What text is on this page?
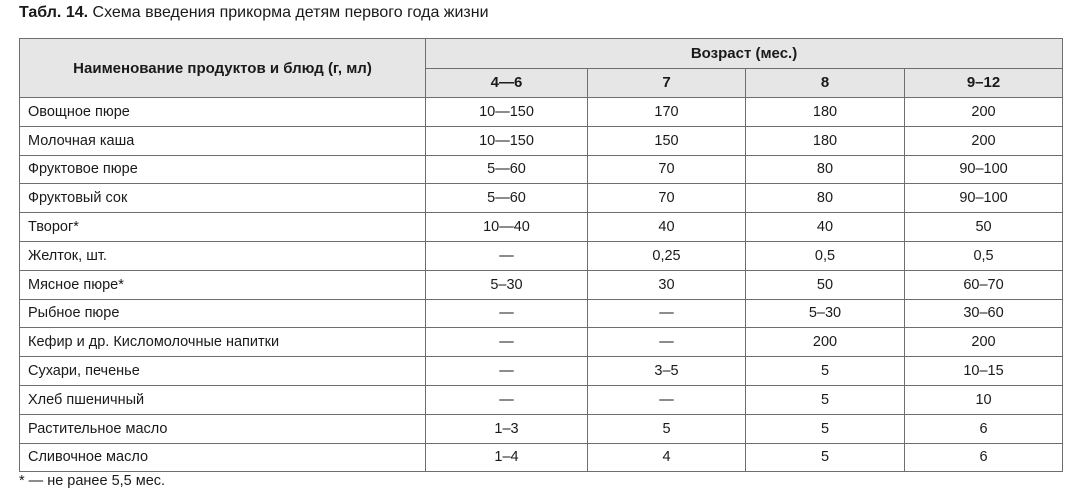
Табл. 14. Схема введения прикорма детям первого года жизни
Наименование продуктов и блюд (г, мл)	Возраст (мес.)			
	4—6	7	8	9–12
Овощное пюре	10—150	170	180	200
Молочная каша	10—150	150	180	200
Фруктовое пюре	5—60	70	80	90–100
Фруктовый сок	5—60	70	80	90–100
Творог*	10—40	40	40	50
Желток, шт.	—	0,25	0,5	0,5
Мясное пюре*	5–30	30	50	60–70
Рыбное пюре	—	—	5–30	30–60
Кефир и др. Кисломолочные напитки	—	—	200	200
Сухари, печенье	—	3–5	5	10–15
Хлеб пшеничный	—	—	5	10
Растительное масло	1–3	5	5	6
Сливочное масло	1–4	4	5	6
* — не ранее 5,5 мес.
